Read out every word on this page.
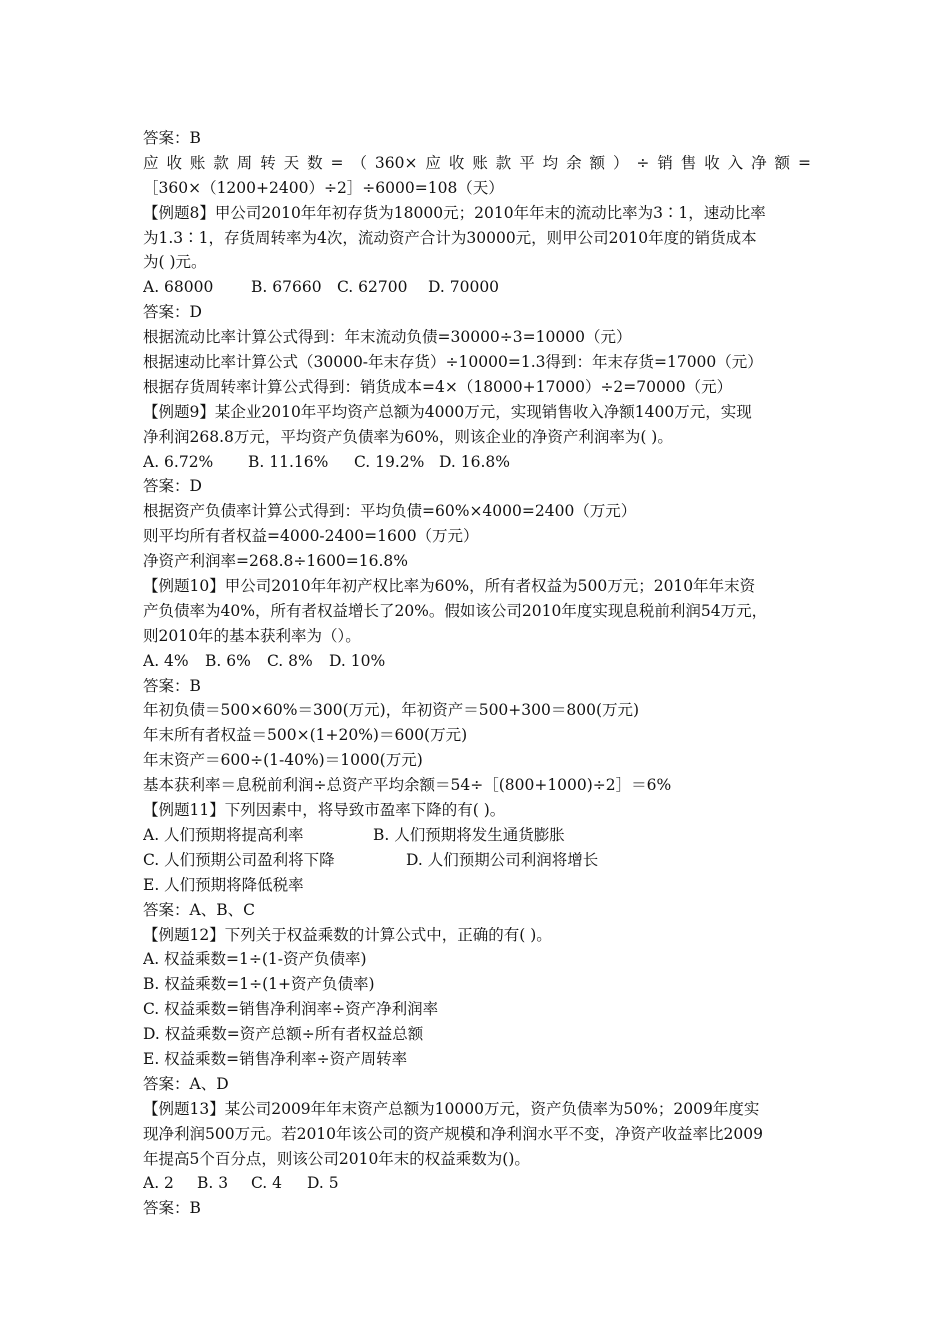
答案：B
应收账款周转天数=（360×应收账款平均余额）÷销售收入净额=
［360×（1200+2400）÷2］÷6000=108（天）
【例题8】甲公司2010年年初存货为18000元；2010年年末的流动比率为3∶1，速动比率
为1.3∶1，存货周转率为4次，流动资产合计为30000元，则甲公司2010年度的销货成本
为( )元。
A. 68000	B. 67660 C. 62700	D. 70000
答案：D
根据流动比率计算公式得到：年末流动负债=30000÷3=10000（元）
根据速动比率计算公式（30000-年末存货）÷10000=1.3得到：年末存货=17000（元）
根据存货周转率计算公式得到：销货成本=4×（18000+17000）÷2=70000（元）
【例题9】某企业2010年平均资产总额为4000万元，实现销售收入净额1400万元，实现
净利润268.8万元，平均资产负债率为60%，则该企业的净资产利润率为( )。
A. 6.72%	B. 11.16%	C. 19.2% D. 16.8%
答案：D
根据资产负债率计算公式得到：平均负债=60%×4000=2400（万元）
则平均所有者权益=4000-2400=1600（万元）
净资产利润率=268.8÷1600=16.8%
【例题10】甲公司2010年年初产权比率为60%，所有者权益为500万元；2010年年末资
产负债率为40%，所有者权益增长了20%。假如该公司2010年度实现息税前利润54万元，
则2010年的基本获利率为（）。
A. 4%	B. 6%	C. 8%	D. 10%
答案：B
年初负债＝500×60%＝300(万元)，年初资产＝500+300＝800(万元)
年末所有者权益＝500×(1+20%)＝600(万元)
年末资产＝600÷(1-40%)＝1000(万元)
基本获利率＝息税前利润÷总资产平均余额＝54÷［(800+1000)÷2］＝6%
【例题11】下列因素中，将导致市盈率下降的有( )。
A. 人们预期将提高利率	B. 人们预期将发生通货膨胀
C. 人们预期公司盈利将下降	D. 人们预期公司利润将增长
E. 人们预期将降低税率
答案：A、B、C
【例题12】下列关于权益乘数的计算公式中，正确的有( )。
A. 权益乘数=1÷(1-资产负债率)
B. 权益乘数=1÷(1+资产负债率)
C. 权益乘数=销售净利润率÷资产净利润率
D. 权益乘数=资产总额÷所有者权益总额
E. 权益乘数=销售净利率÷资产周转率
答案：A、D
【例题13】某公司2009年年末资产总额为10000万元，资产负债率为50%；2009年度实
现净利润500万元。若2010年该公司的资产规模和净利润水平不变，净资产收益率比2009
年提高5个百分点，则该公司2010年末的权益乘数为()。
A. 2	B. 3	C. 4	D. 5
答案：B
